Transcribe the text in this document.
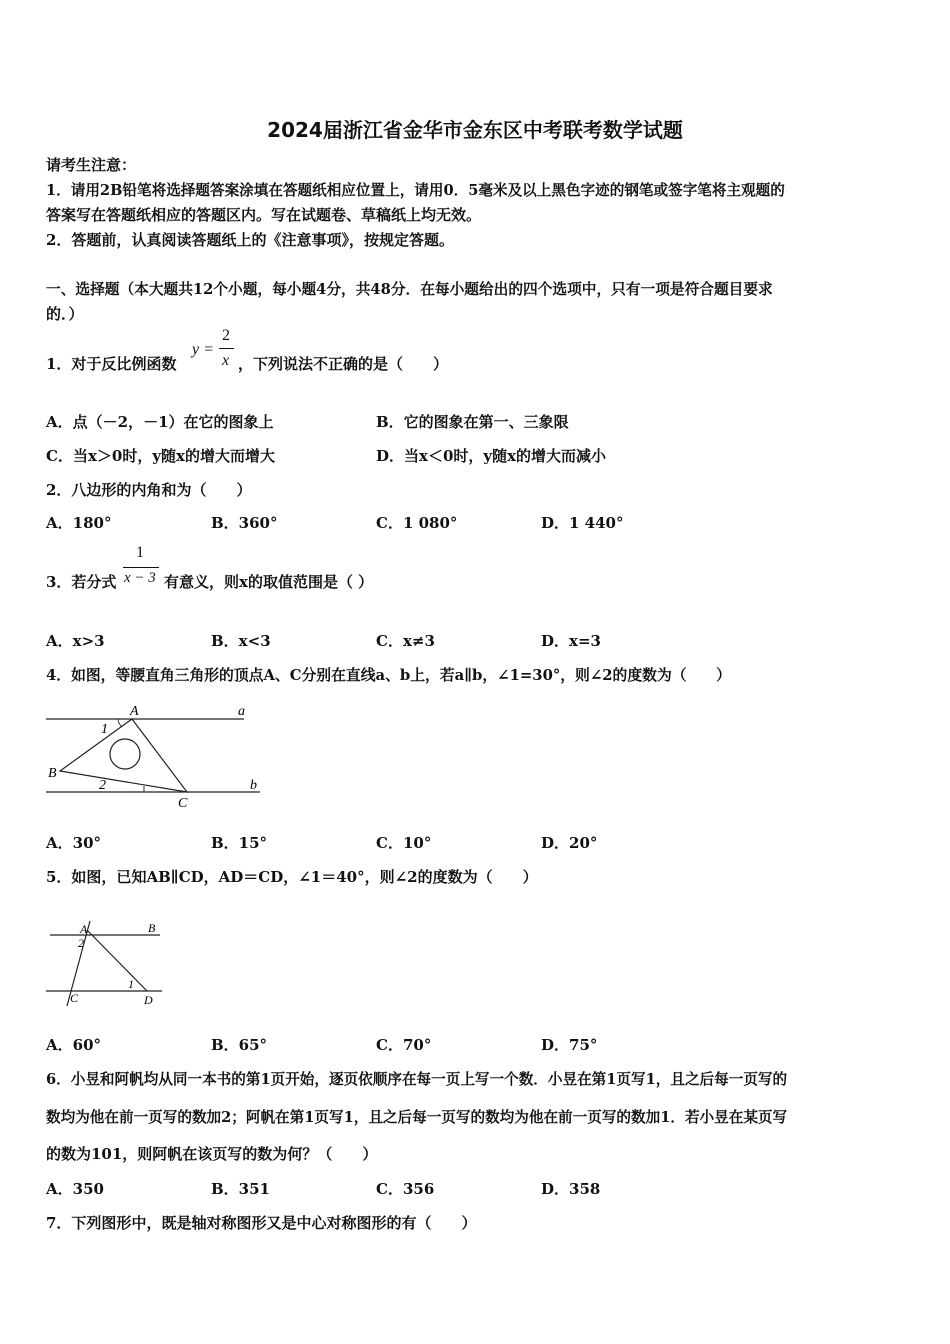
2024届浙江省金华市金东区中考联考数学试题
请考生注意：
1．请用2B铅笔将选择题答案涂填在答题纸相应位置上，请用0．5毫米及以上黑色字迹的钢笔或签字笔将主观题的
答案写在答题纸相应的答题区内。写在试题卷、草稿纸上均无效。
2．答题前，认真阅读答题纸上的《注意事项》，按规定答题。
一、选择题（本大题共12个小题，每小题4分，共48分．在每小题给出的四个选项中，只有一项是符合题目要求
的．）
1．对于反比例函数
y =
2
x ，下列说法不正确的是（　　）
A．点（－2，－1）在它的图象上	B．它的图象在第一、三象限
C．当x＞0时，y随x的增大而增大	D．当x＜0时，y随x的增大而减小
2．八边形的内角和为（　　）
A．180°	B．360°	C．1 080°	D．1 440°
3．若分式
1
x − 3 有意义，则x的取值范围是（ ）
A．x>3	B．x<3	C．x≠3	D．x=3
4．如图，等腰直角三角形的顶点A、C分别在直线a、b上，若a∥b，∠1=30°，则∠2的度数为（　　）
A	a
1
B
2
C
b
A．30°	B．15°	C．10°	D．20°
5．如图，已知AB∥CD，AD＝CD，∠1＝40°，则∠2的度数为（　　）
A	B
2
1
C	D
A．60°	B．65°	C．70°	D．75°
6．小昱和阿帆均从同一本书的第1页开始，逐页依顺序在每一页上写一个数．小昱在第1页写1，且之后每一页写的
数均为他在前一页写的数加2；阿帆在第1页写1，且之后每一页写的数均为他在前一页写的数加1．若小昱在某页写
的数为101，则阿帆在该页写的数为何？（　　）
A．350	B．351	C．356	D．358
7．下列图形中，既是轴对称图形又是中心对称图形的有（　　）
